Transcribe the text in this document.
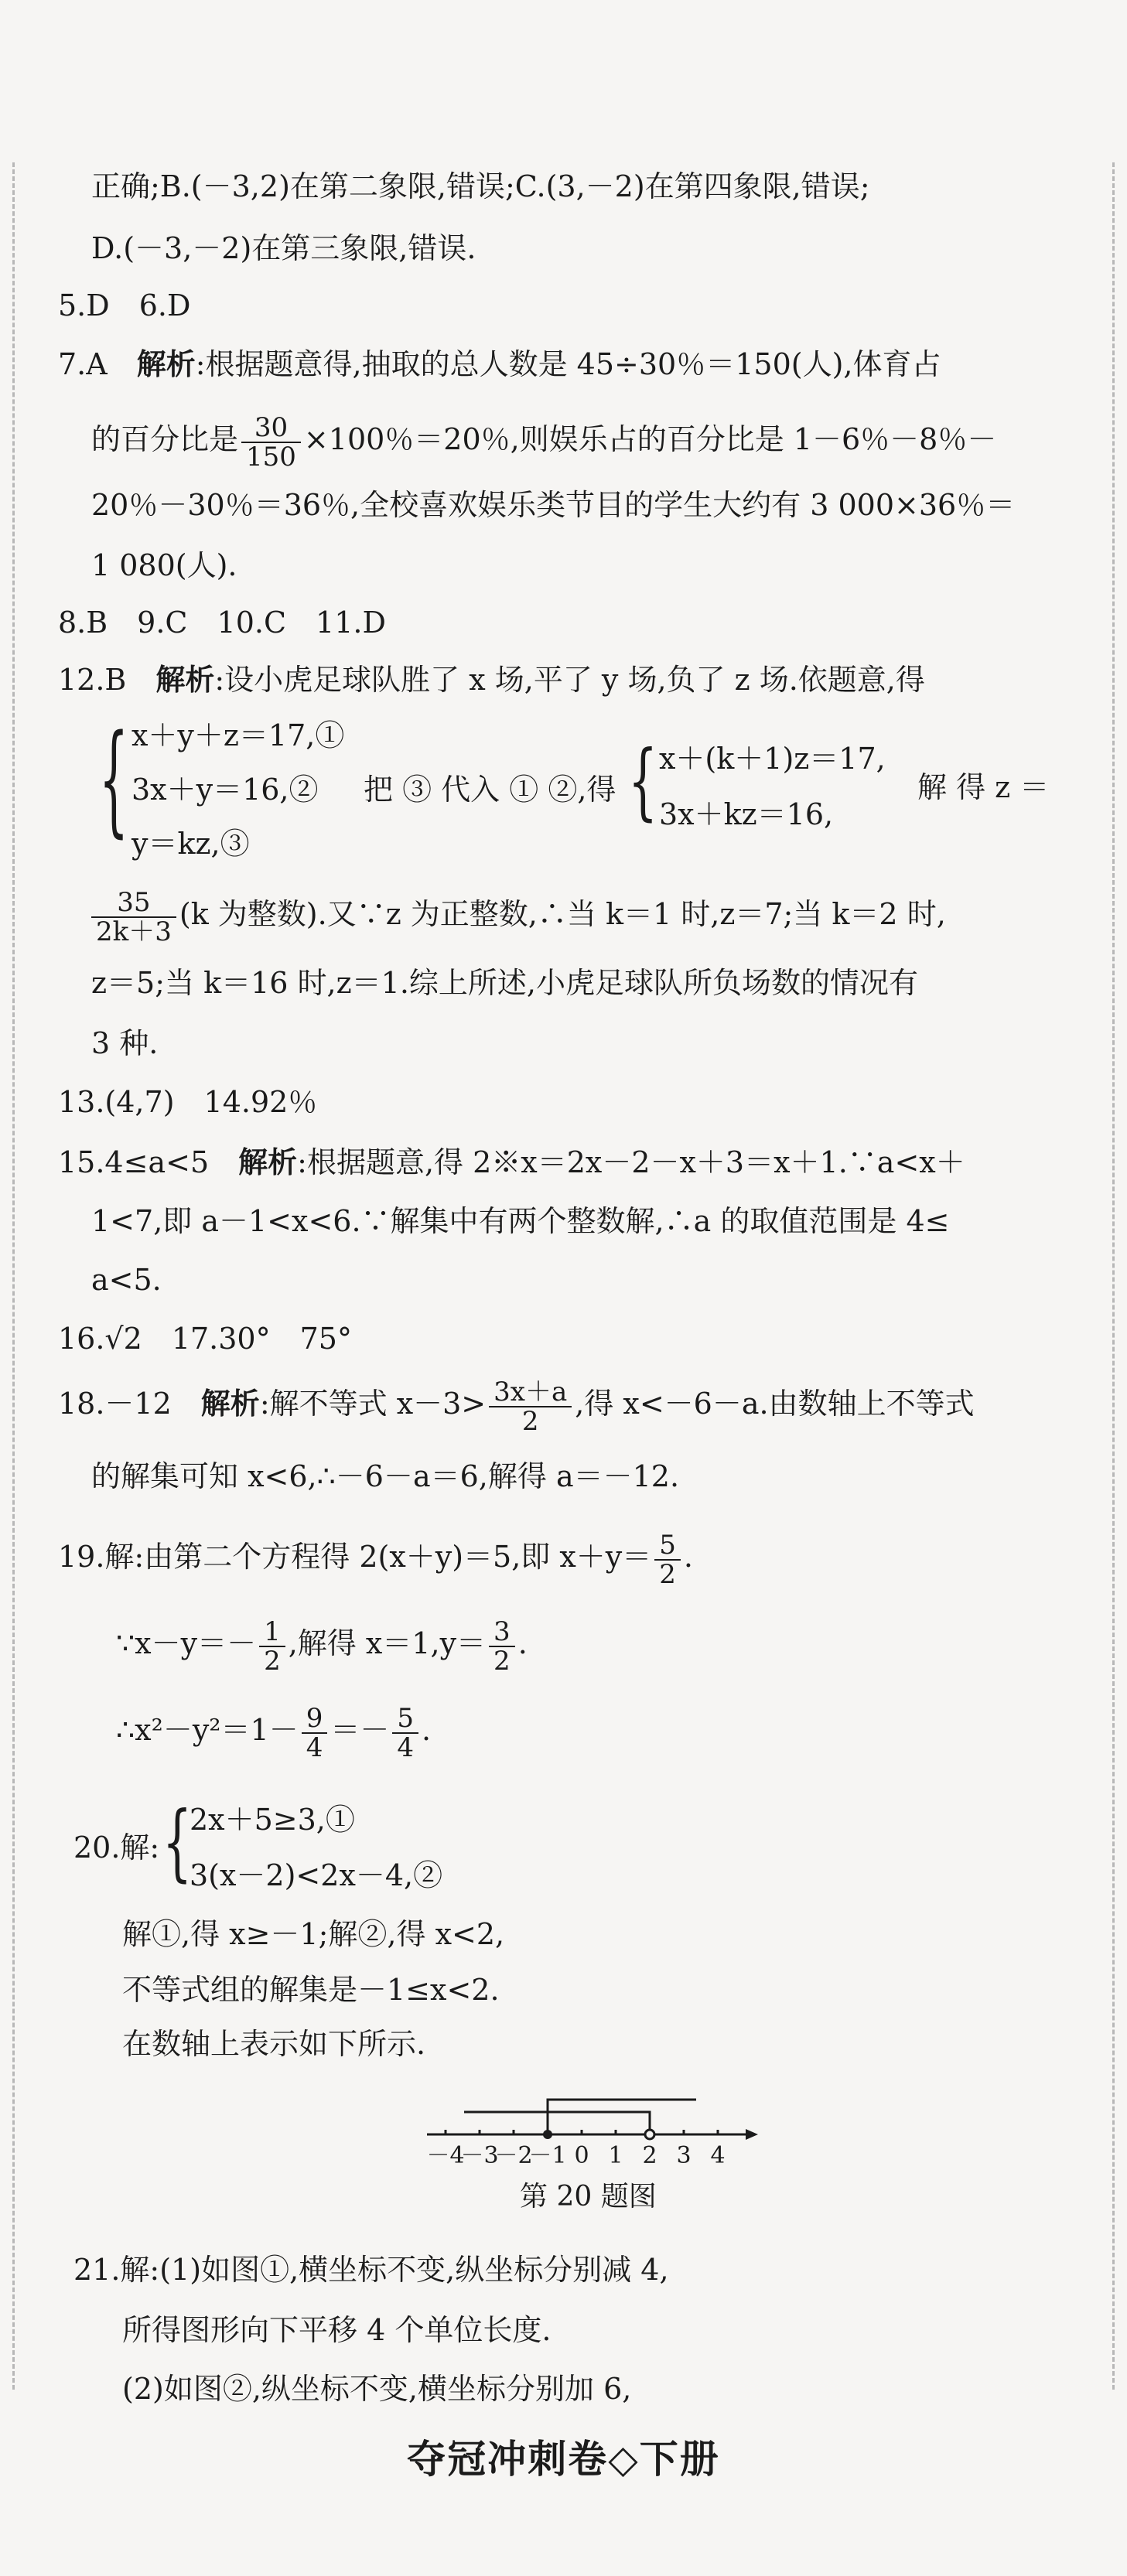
正确;B.(－3,2)在第二象限,错误;C.(3,－2)在第四象限,错误;
D.(－3,－2)在第三象限,错误.
5.D　6.D
7.A　解析:根据题意得,抽取的总人数是 45÷30％＝150(人),体育占
的百分比是 $\frac{30}{150} \times 100$％＝20％,则娱乐占的百分比是 1－6％－8％－
20％－30％＝36％,全校喜欢娱乐类节目的学生大约有 3 000×36％＝
1 080(人).
8.B　9.C　10.C　11.D
12.B　解析:设小虎足球队胜了 x 场,平了 y 场,负了 z 场.依题意,得
{ x＋y＋z＝17,①
3x＋y＝16,②
y＝kz,③
把 ③ 代入 ① ②,得 { x＋(k＋1)z＝17,
3x＋kz＝16,
解 得 z ＝
$\frac{35}{2k+3} (k$ 为整数).又∵z 为正整数,∴当 k＝1 时,z＝7;当 k＝2 时,
z＝5;当 k＝16 时,z＝1.综上所述,小虎足球队所负场数的情况有
3 种.
13.(4,7)　14.92％
15.4≤a<5　解析:根据题意,得 2※x＝2x－2－x＋3＝x＋1.∵a<x＋
1<7,即 a－1<x<6.∵解集中有两个整数解,∴a 的取值范围是 4≤
a<5.
16.√2　17.30°　75°
18.－12　解析:解不等式 $x-3> \frac{3x+a}{2}$ ,得 x<－6－a.由数轴上不等式
的解集可知 x<6,∴－6－a＝6,解得 a＝－12.
19.解:由第二个方程得 2(x＋y)＝5,即 $x+y= \frac{5}{2}$ .
∵x－y＝－ $\frac{1}{2}$ ,解得 $x=1,y= \frac{3}{2}$ .
∴x²－y²＝1－ $\frac{9}{4} =- \frac{5}{4}$ .
20.解: {
2x＋5≥3,①
3(x－2)<2x－4,②
解①,得 x≥－1;解②,得 x<2,
不等式组的解集是－1≤x<2.
在数轴上表示如下所示.
－4
－3
－2
－1 0 1 2 3 4
第 20 题图
21.解:(1)如图①,横坐标不变,纵坐标分别减 4,
所得图形向下平移 4 个单位长度.
(2)如图②,纵坐标不变,横坐标分别加 6,
夺冠冲刺卷◇下册
